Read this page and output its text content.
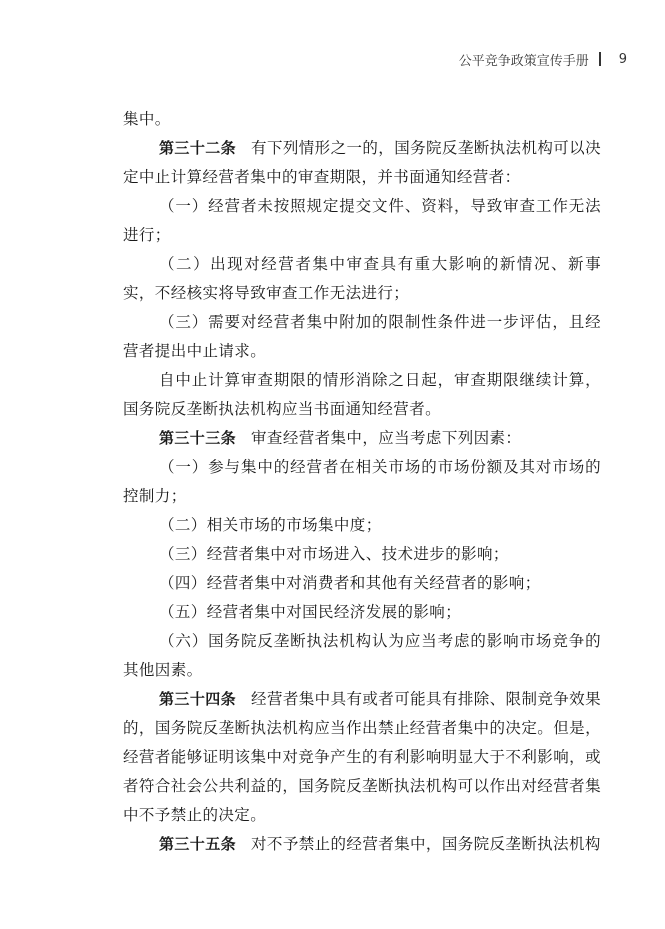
公平竞争政策宣传手册 9

集中。

第三十二条 有下列情形之一的，国务院反垄断执法机构可以决定中止计算经营者集中的审查期限，并书面通知经营者：

（一）经营者未按照规定提交文件、资料，导致审查工作无法进行；

（二）出现对经营者集中审查具有重大影响的新情况、新事实，不经核实将导致审查工作无法进行；

（三）需要对经营者集中附加的限制性条件进一步评估，且经营者提出中止请求。

自中止计算审查期限的情形消除之日起，审查期限继续计算，国务院反垄断执法机构应当书面通知经营者。

第三十三条 审查经营者集中，应当考虑下列因素：

（一）参与集中的经营者在相关市场的市场份额及其对市场的控制力；

（二）相关市场的市场集中度；

（三）经营者集中对市场进入、技术进步的影响；

（四）经营者集中对消费者和其他有关经营者的影响；

（五）经营者集中对国民经济发展的影响；

（六）国务院反垄断执法机构认为应当考虑的影响市场竞争的其他因素。

第三十四条 经营者集中具有或者可能具有排除、限制竞争效果的，国务院反垄断执法机构应当作出禁止经营者集中的决定。但是，经营者能够证明该集中对竞争产生的有利影响明显大于不利影响，或者符合社会公共利益的，国务院反垄断执法机构可以作出对经营者集中不予禁止的决定。

第三十五条 对不予禁止的经营者集中，国务院反垄断执法机构
